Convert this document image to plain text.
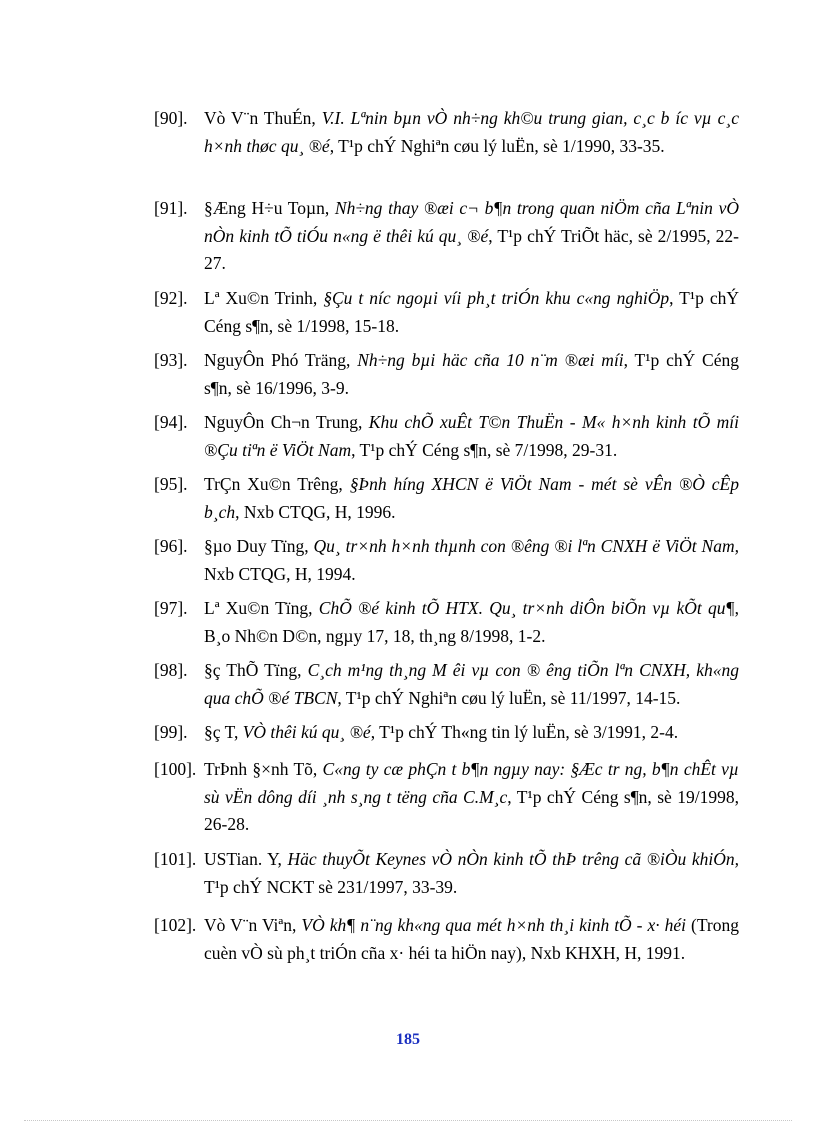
[90]. Vò V¨n ThuÉn, V.I. Lªnin bµn vÒ nh÷ng kh©u trung gian, c¸c b íc vµ c¸c h×nh thøc qu¸ ®é, T¹p chÝ Nghiªn cøu lý luËn, sè 1/1990, 33-35.
[91]. §Æng H÷u Toµn, Nh÷ng thay ®æi c¬ b¶n trong quan niÖm cña Lªnin vÒ nÒn kinh tÕ tiÓu n«ng ë thêi kú qu¸ ®é, T¹p chÝ TriÕt häc, sè 2/1995, 22-27.
[92]. Lª Xu©n Trinh, §Çu t níc ngoµi víi ph¸t triÓn khu c«ng nghiÖp, T¹p chÝ Céng s¶n, sè 1/1998, 15-18.
[93]. NguyÔn Phó Träng, Nh÷ng bµi häc cña 10 n¨m ®æi míi, T¹p chÝ Céng s¶n, sè 16/1996, 3-9.
[94]. NguyÔn Ch¬n Trung, Khu chÕ xuÊt T©n ThuËn - M« h×nh kinh tÕ míi ®Çu tiªn ë ViÖt Nam, T¹p chÝ Céng s¶n, sè 7/1998, 29-31.
[95]. TrÇn Xu©n Trêng, §Þnh híng XHCN ë ViÖt Nam - mét sè vÊn ®Ò cÊp b¸ch, Nxb CTQG, H, 1996.
[96]. §µo Duy Tïng, Qu¸ tr×nh h×nh thµnh con ®êng ®i lªn CNXH ë ViÖt Nam, Nxb CTQG, H, 1994.
[97]. Lª Xu©n Tïng, ChÕ ®é kinh tÕ HTX. Qu¸ tr×nh diÔn biÕn vµ kÕt qu¶, B¸o Nh©n D©n, ngµy 17, 18, th¸ng 8/1998, 1-2.
[98]. §ç ThÕ Tïng, C¸ch m¹ng th¸ng M êi vµ con ® êng tiÕn lªn CNXH, kh«ng qua chÕ ®é TBCN, T¹p chÝ Nghiªn cøu lý luËn, sè 11/1997, 14-15.
[99]. §ç T, VÒ thêi kú qu¸ ®é, T¹p chÝ Th«ng tin lý luËn, sè 3/1991, 2-4.
[100]. TrÞnh §×nh Tõ, C«ng ty cæ phÇn t b¶n ngµy nay: §Æc tr ng, b¶n chÊt vµ sù vËn dông díi ¸nh s¸ng t tëng cña C.M¸c, T¹p chÝ Céng s¶n, sè 19/1998, 26-28.
[101]. USTian. Y, Häc thuyÕt Keynes vÒ nÒn kinh tÕ thÞ trêng cã ®iÒu khiÓn, T¹p chÝ NCKT sè 231/1997, 33-39.
[102]. Vò V¨n Viªn, VÒ kh¶ n¨ng kh«ng qua mét h×nh th¸i kinh tÕ - x· héi (Trong cuèn vÒ sù ph¸t triÓn cña x· héi ta hiÖn nay), Nxb KHXH, H, 1991.
185
